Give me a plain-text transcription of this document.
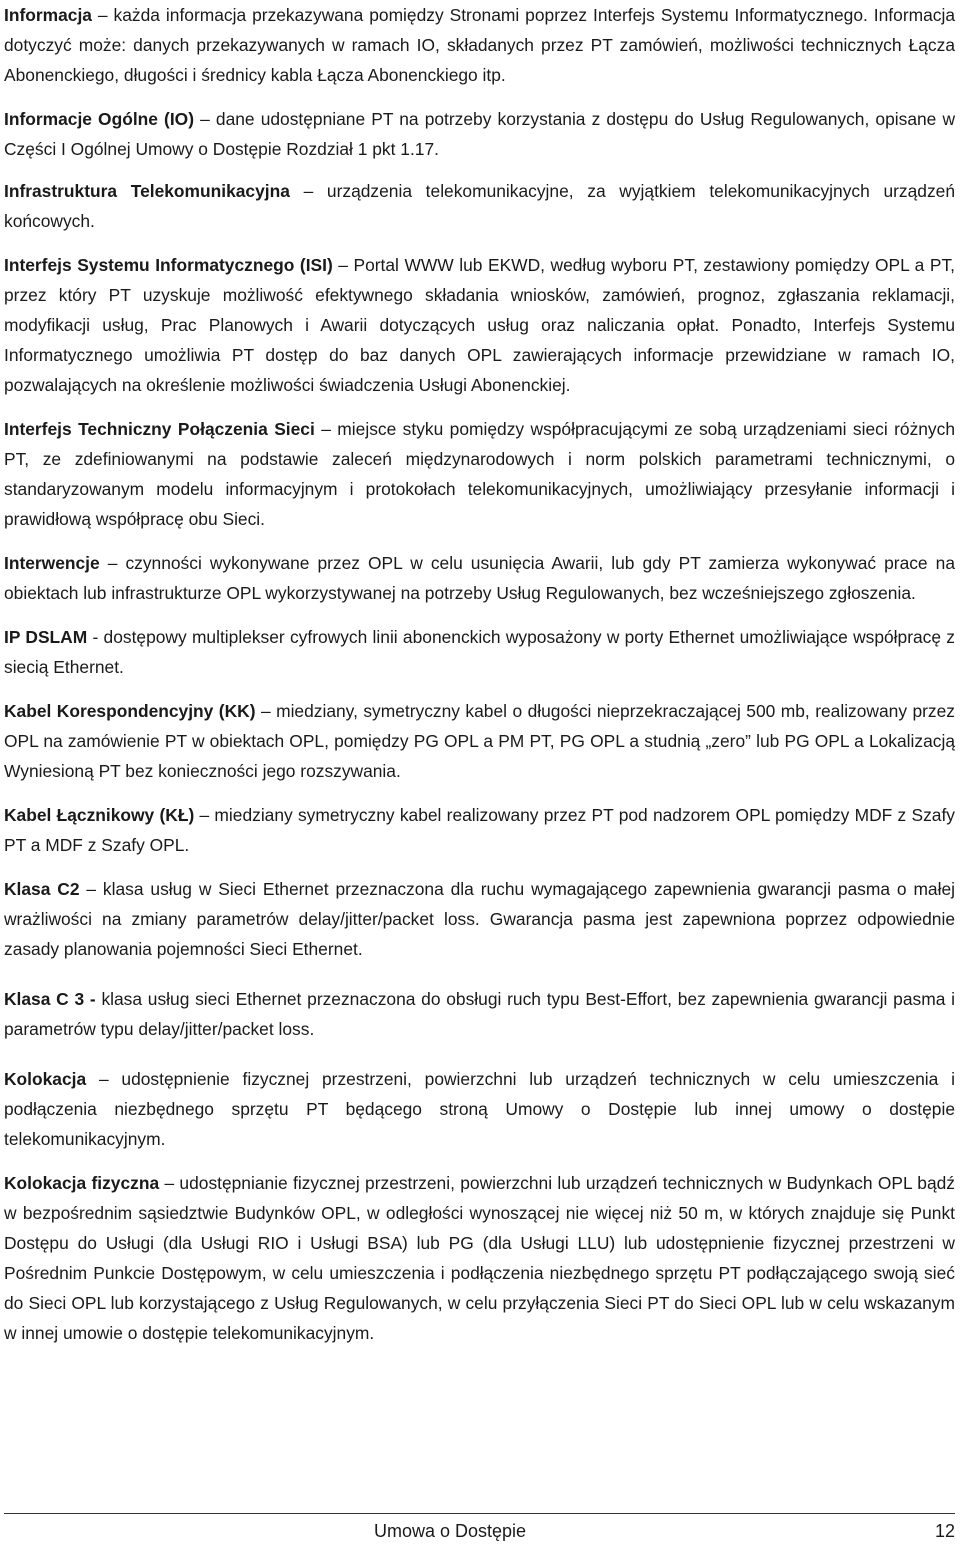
Informacja – każda informacja przekazywana pomiędzy Stronami poprzez Interfejs Systemu Informatycznego. Informacja dotyczyć może: danych przekazywanych w ramach IO, składanych przez PT zamówień, możliwości technicznych Łącza Abonenckiego, długości i średnicy kabla Łącza Abonenckiego itp.

Informacje Ogólne (IO) – dane udostępniane PT na potrzeby korzystania z dostępu do Usług Regulowanych, opisane w Części I Ogólnej Umowy o Dostępie Rozdział 1 pkt 1.17.

Infrastruktura Telekomunikacyjna – urządzenia telekomunikacyjne, za wyjątkiem telekomunikacyjnych urządzeń końcowych.

Interfejs Systemu Informatycznego (ISI) – Portal WWW lub EKWD, według wyboru PT, zestawiony pomiędzy OPL a PT, przez który PT uzyskuje możliwość efektywnego składania wniosków, zamówień, prognoz, zgłaszania reklamacji, modyfikacji usług, Prac Planowych i Awarii dotyczących usług oraz naliczania opłat. Ponadto, Interfejs Systemu Informatycznego umożliwia PT dostęp do baz danych OPL zawierających informacje przewidziane w ramach IO, pozwalających na określenie możliwości świadczenia Usługi Abonenckiej.

Interfejs Techniczny Połączenia Sieci – miejsce styku pomiędzy współpracującymi ze sobą urządzeniami sieci różnych PT, ze zdefiniowanymi na podstawie zaleceń międzynarodowych i norm polskich parametrami technicznymi, o standaryzowanym modelu informacyjnym i protokołach telekomunikacyjnych, umożliwiający przesyłanie informacji i prawidłową współpracę obu Sieci.

Interwencje – czynności wykonywane przez OPL w celu usunięcia Awarii, lub gdy PT zamierza wykonywać prace na obiektach lub infrastrukturze OPL wykorzystywanej na potrzeby Usług Regulowanych, bez wcześniejszego zgłoszenia.

IP DSLAM - dostępowy multiplekser cyfrowych linii abonenckich wyposażony w porty Ethernet umożliwiające współpracę z siecią Ethernet.

Kabel Korespondencyjny (KK) – miedziany, symetryczny kabel o długości nieprzekraczającej 500 mb, realizowany przez OPL na zamówienie PT w obiektach OPL, pomiędzy PG OPL a PM PT, PG OPL a studnią „zero” lub PG OPL a Lokalizacją Wyniesioną PT bez konieczności jego rozszywania.

Kabel Łącznikowy (KŁ) – miedziany symetryczny kabel realizowany przez PT pod nadzorem OPL pomiędzy MDF z Szafy PT a MDF z Szafy OPL.

Klasa C2 – klasa usług w Sieci Ethernet przeznaczona dla ruchu wymagającego zapewnienia gwarancji pasma o małej wrażliwości na zmiany parametrów delay/jitter/packet loss. Gwarancja pasma jest zapewniona poprzez odpowiednie zasady planowania pojemności Sieci Ethernet.

Klasa C 3 - klasa usług sieci Ethernet przeznaczona do obsługi ruch typu Best-Effort, bez zapewnienia gwarancji pasma i parametrów typu delay/jitter/packet loss.

Kolokacja – udostępnienie fizycznej przestrzeni, powierzchni lub urządzeń technicznych w celu umieszczenia i podłączenia niezbędnego sprzętu PT będącego stroną Umowy o Dostępie lub innej umowy o dostępie telekomunikacyjnym.

Kolokacja fizyczna – udostępnianie fizycznej przestrzeni, powierzchni lub urządzeń technicznych w Budynkach OPL bądź w bezpośrednim sąsiedztwie Budynków OPL, w odległości wynoszącej nie więcej niż 50 m, w których znajduje się Punkt Dostępu do Usługi (dla Usługi RIO i Usługi BSA) lub PG (dla Usługi LLU) lub udostępnienie fizycznej przestrzeni w Pośrednim Punkcie Dostępowym, w celu umieszczenia i podłączenia niezbędnego sprzętu PT podłączającego swoją sieć do Sieci OPL lub korzystającego z Usług Regulowanych, w celu przyłączenia Sieci PT do Sieci OPL lub w celu wskazanym w innej umowie o dostępie telekomunikacyjnym.

Umowa o Dostępie	12
